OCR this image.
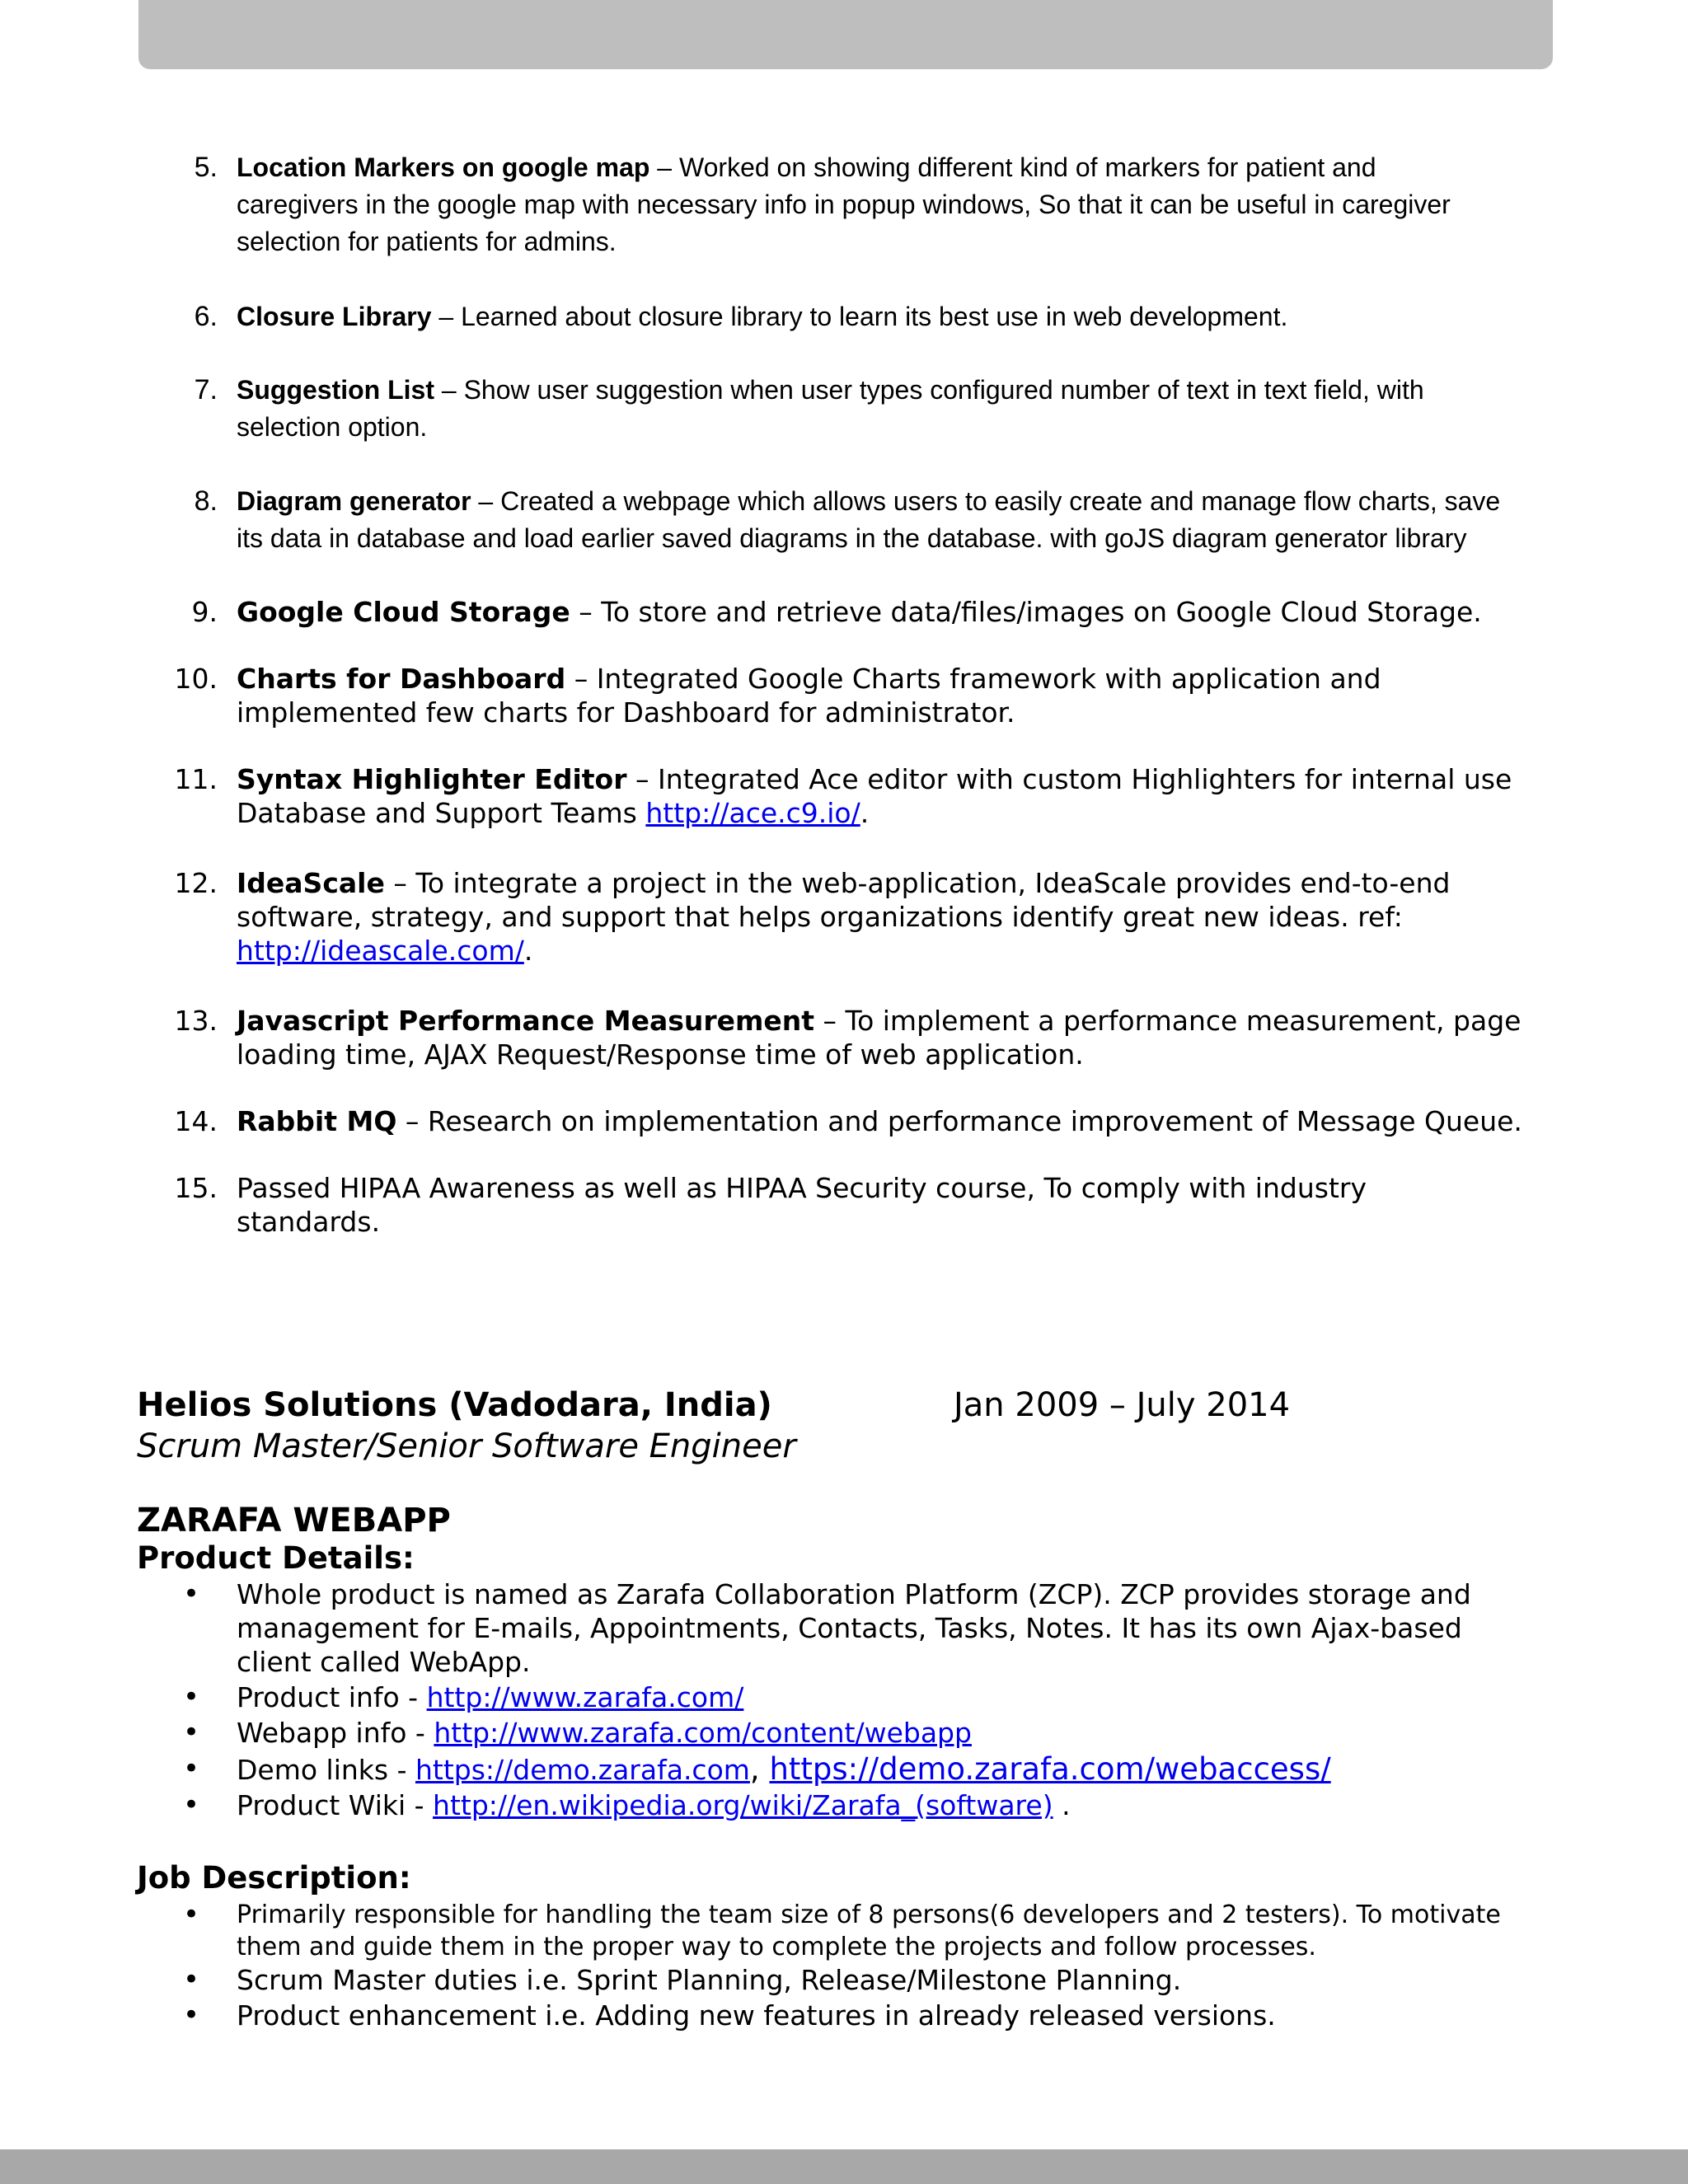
5. Location Markers on google map – Worked on showing different kind of markers for patient and
caregivers in the google map with necessary info in popup windows, So that it can be useful in caregiver
selection for patients for admins.
6. Closure Library – Learned about closure library to learn its best use in web development.
7. Suggestion List – Show user suggestion when user types configured number of text in text field, with
selection option.
8. Diagram generator – Created a webpage which allows users to easily create and manage flow charts, save
its data in database and load earlier saved diagrams in the database. with goJS diagram generator library
9. Google Cloud Storage – To store and retrieve data/files/images on Google Cloud Storage.
10. Charts for Dashboard – Integrated Google Charts framework with application and
implemented few charts for Dashboard for administrator.
11. Syntax Highlighter Editor – Integrated Ace editor with custom Highlighters for internal use
Database and Support Teams http://ace.c9.io/.
12. IdeaScale – To integrate a project in the web-application, IdeaScale provides end-to-end
software, strategy, and support that helps organizations identify great new ideas. ref:
http://ideascale.com/.
13. Javascript Performance Measurement – To implement a performance measurement, page
loading time, AJAX Request/Response time of web application.
14. Rabbit MQ – Research on implementation and performance improvement of Message Queue.
15. Passed HIPAA Awareness as well as HIPAA Security course, To comply with industry
standards.
Helios Solutions (Vadodara, India)	Jan 2009 – July 2014
Scrum Master/Senior Software Engineer
ZARAFA WEBAPP
Product Details:
• Whole product is named as Zarafa Collaboration Platform (ZCP). ZCP provides storage and
management for E-mails, Appointments, Contacts, Tasks, Notes. It has its own Ajax-based
client called WebApp.
• Product info - http://www.zarafa.com/
• Webapp info - http://www.zarafa.com/content/webapp
• Demo links - https://demo.zarafa.com, https://demo.zarafa.com/webaccess/
• Product Wiki - http://en.wikipedia.org/wiki/Zarafa_(software) .
Job Description:
• Primarily responsible for handling the team size of 8 persons(6 developers and 2 testers). To motivate
them and guide them in the proper way to complete the projects and follow processes.
• Scrum Master duties i.e. Sprint Planning, Release/Milestone Planning.
• Product enhancement i.e. Adding new features in already released versions.
